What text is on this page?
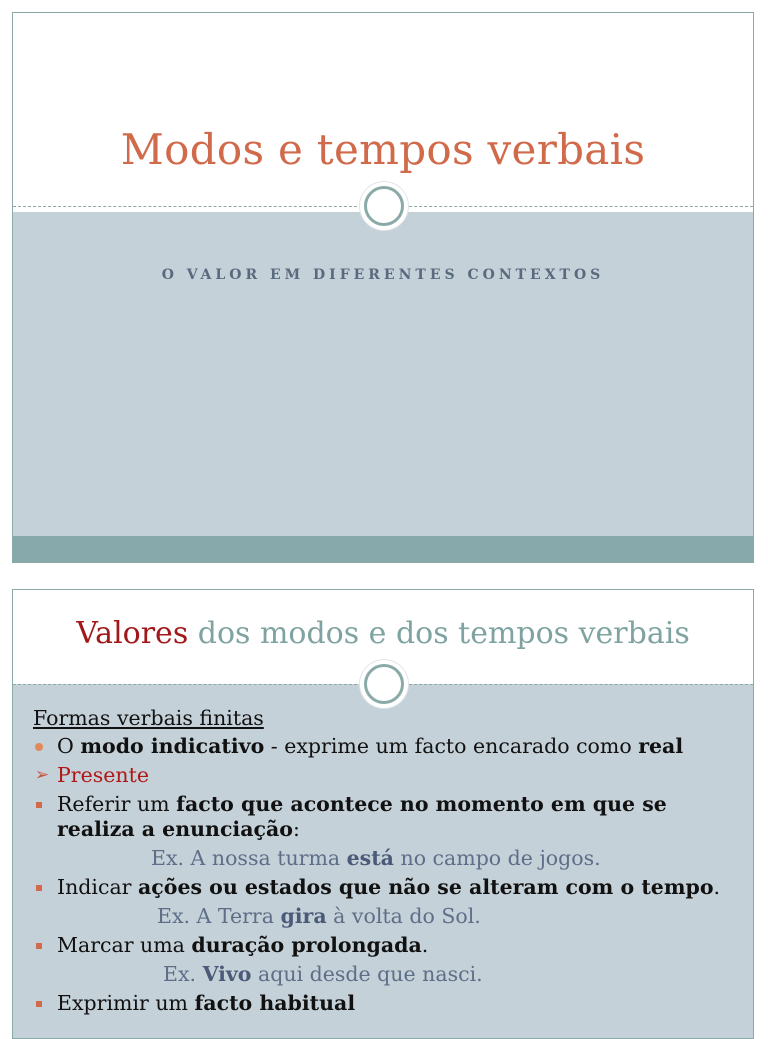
Modos e tempos verbais
O VALOR EM DIFERENTES CONTEXTOS
Valores dos modos e dos tempos verbais
Formas verbais finitas
O modo indicativo - exprime um facto encarado como real
➢ Presente
Referir um facto que acontece no momento em que se realiza a enunciação:
Ex. A nossa turma está no campo de jogos.
Indicar ações ou estados que não se alteram com o tempo.
Ex. A Terra gira à volta do Sol.
Marcar uma duração prolongada.
Ex. Vivo aqui desde que nasci.
Exprimir um facto habitual
